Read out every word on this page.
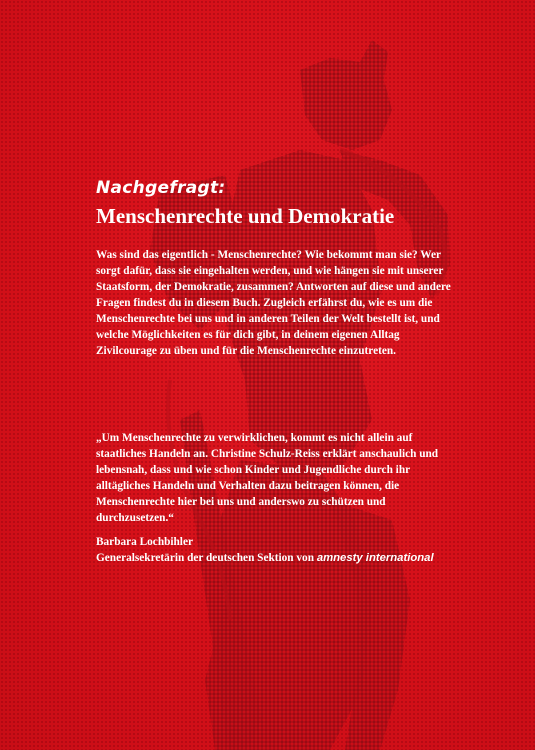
Nachgefragt:
Menschenrechte und Demokratie

Was sind das eigentlich - Menschenrechte? Wie bekommt man sie? Wer sorgt dafür, dass sie eingehalten werden, und wie hängen sie mit unserer Staatsform, der Demokratie, zusammen? Antworten auf diese und andere Fragen findest du in diesem Buch. Zugleich erfährst du, wie es um die Menschenrechte bei uns und in anderen Teilen der Welt bestellt ist, und welche Möglichkeiten es für dich gibt, in deinem eigenen Alltag Zivilcourage zu üben und für die Menschenrechte einzutreten.

„Um Menschenrechte zu verwirklichen, kommt es nicht allein auf staatliches Handeln an. Christine Schulz-Reiss erklärt anschaulich und lebensnah, dass und wie schon Kinder und Jugendliche durch ihr alltägliches Handeln und Verhalten dazu beitragen können, die Menschenrechte hier bei uns und anderswo zu schützen und durchzusetzen.“

Barbara Lochbihler
Generalsekretärin der deutschen Sektion von amnesty international
